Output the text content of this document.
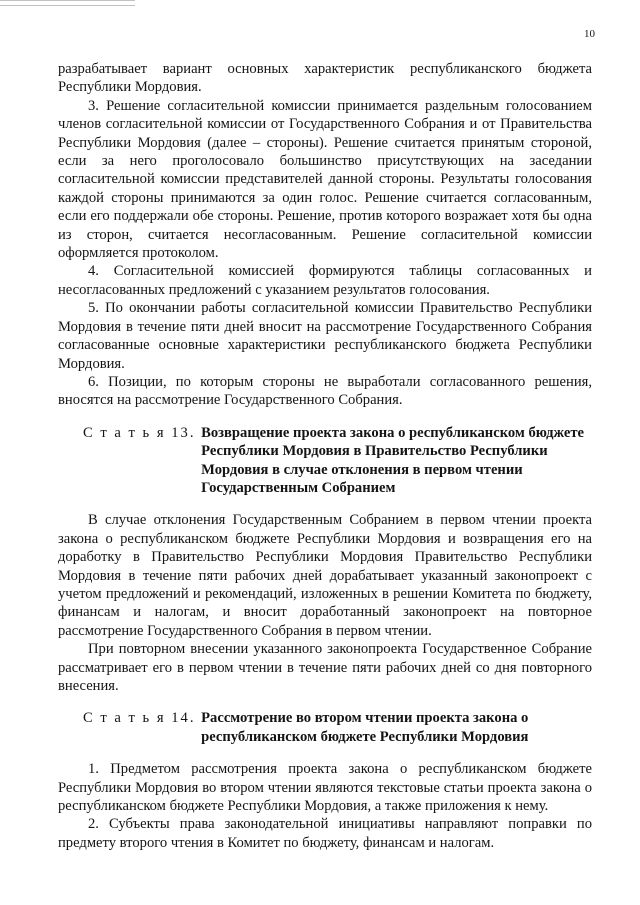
10

разрабатывает вариант основных характеристик республиканского бюджета Республики Мордовия.

3. Решение согласительной комиссии принимается раздельным голосованием членов согласительной комиссии от Государственного Собрания и от Правительства Республики Мордовия (далее – стороны). Решение считается принятым стороной, если за него проголосовало большинство присутствующих на заседании согласительной комиссии представителей данной стороны. Результаты голосования каждой стороны принимаются за один голос. Решение считается согласованным, если его поддержали обе стороны. Решение, против которого возражает хотя бы одна из сторон, считается несогласованным. Решение согласительной комиссии оформляется протоколом.

4. Согласительной комиссией формируются таблицы согласованных и несогласованных предложений с указанием результатов голосования.

5. По окончании работы согласительной комиссии Правительство Республики Мордовия в течение пяти дней вносит на рассмотрение Государственного Собрания согласованные основные характеристики республиканского бюджета Республики Мордовия.

6. Позиции, по которым стороны не выработали согласованного решения, вносятся на рассмотрение Государственного Собрания.

С т а т ь я 13. Возвращение проекта закона о республиканском бюджете Республики Мордовия в Правительство Республики Мордовия в случае отклонения в первом чтении Государственным Собранием

В случае отклонения Государственным Собранием в первом чтении проекта закона о республиканском бюджете Республики Мордовия и возвращения его на доработку в Правительство Республики Мордовия Правительство Республики Мордовия в течение пяти рабочих дней дорабатывает указанный законопроект с учетом предложений и рекомендаций, изложенных в решении Комитета по бюджету, финансам и налогам, и вносит доработанный законопроект на повторное рассмотрение Государственного Собрания в первом чтении.

При повторном внесении указанного законопроекта Государственное Собрание рассматривает его в первом чтении в течение пяти рабочих дней со дня повторного внесения.

С т а т ь я 14. Рассмотрение во втором чтении проекта закона о республиканском бюджете Республики Мордовия

1. Предметом рассмотрения проекта закона о республиканском бюджете Республики Мордовия во втором чтении являются текстовые статьи проекта закона о республиканском бюджете Республики Мордовия, а также приложения к нему.

2. Субъекты права законодательной инициативы направляют поправки по предмету второго чтения в Комитет по бюджету, финансам и налогам.
